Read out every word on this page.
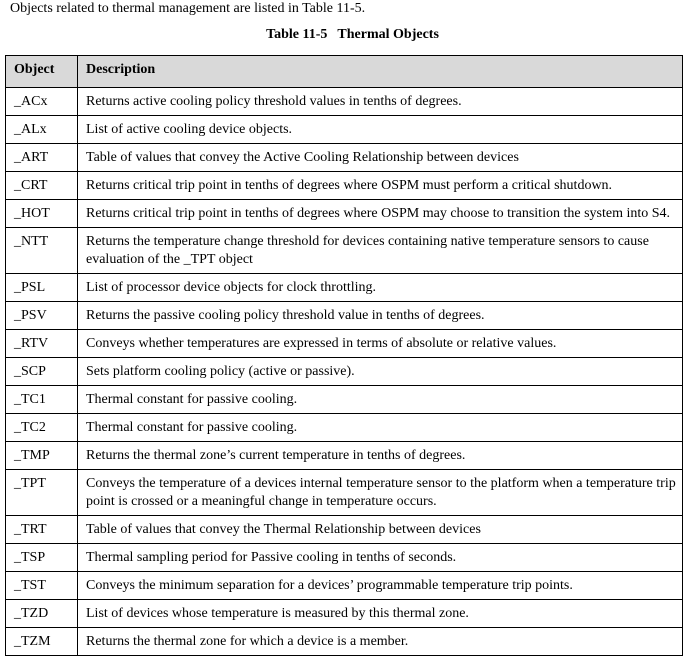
Objects related to thermal management are listed in Table 11-5.
Table 11-5 Thermal Objects
Object	Description
_ACx	Returns active cooling policy threshold values in tenths of degrees.
_ALx	List of active cooling device objects.
_ART	Table of values that convey the Active Cooling Relationship between devices
_CRT	Returns critical trip point in tenths of degrees where OSPM must perform a critical shutdown.
_HOT	Returns critical trip point in tenths of degrees where OSPM may choose to transition the system into S4.
_NTT	Returns the temperature change threshold for devices containing native temperature sensors to cause evaluation of the _TPT object
_PSL	List of processor device objects for clock throttling.
_PSV	Returns the passive cooling policy threshold value in tenths of degrees.
_RTV	Conveys whether temperatures are expressed in terms of absolute or relative values.
_SCP	Sets platform cooling policy (active or passive).
_TC1	Thermal constant for passive cooling.
_TC2	Thermal constant for passive cooling.
_TMP	Returns the thermal zone’s current temperature in tenths of degrees.
_TPT	Conveys the temperature of a devices internal temperature sensor to the platform when a temperature trip point is crossed or a meaningful change in temperature occurs.
_TRT	Table of values that convey the Thermal Relationship between devices
_TSP	Thermal sampling period for Passive cooling in tenths of seconds.
_TST	Conveys the minimum separation for a devices’ programmable temperature trip points.
_TZD	List of devices whose temperature is measured by this thermal zone.
_TZM	Returns the thermal zone for which a device is a member.
